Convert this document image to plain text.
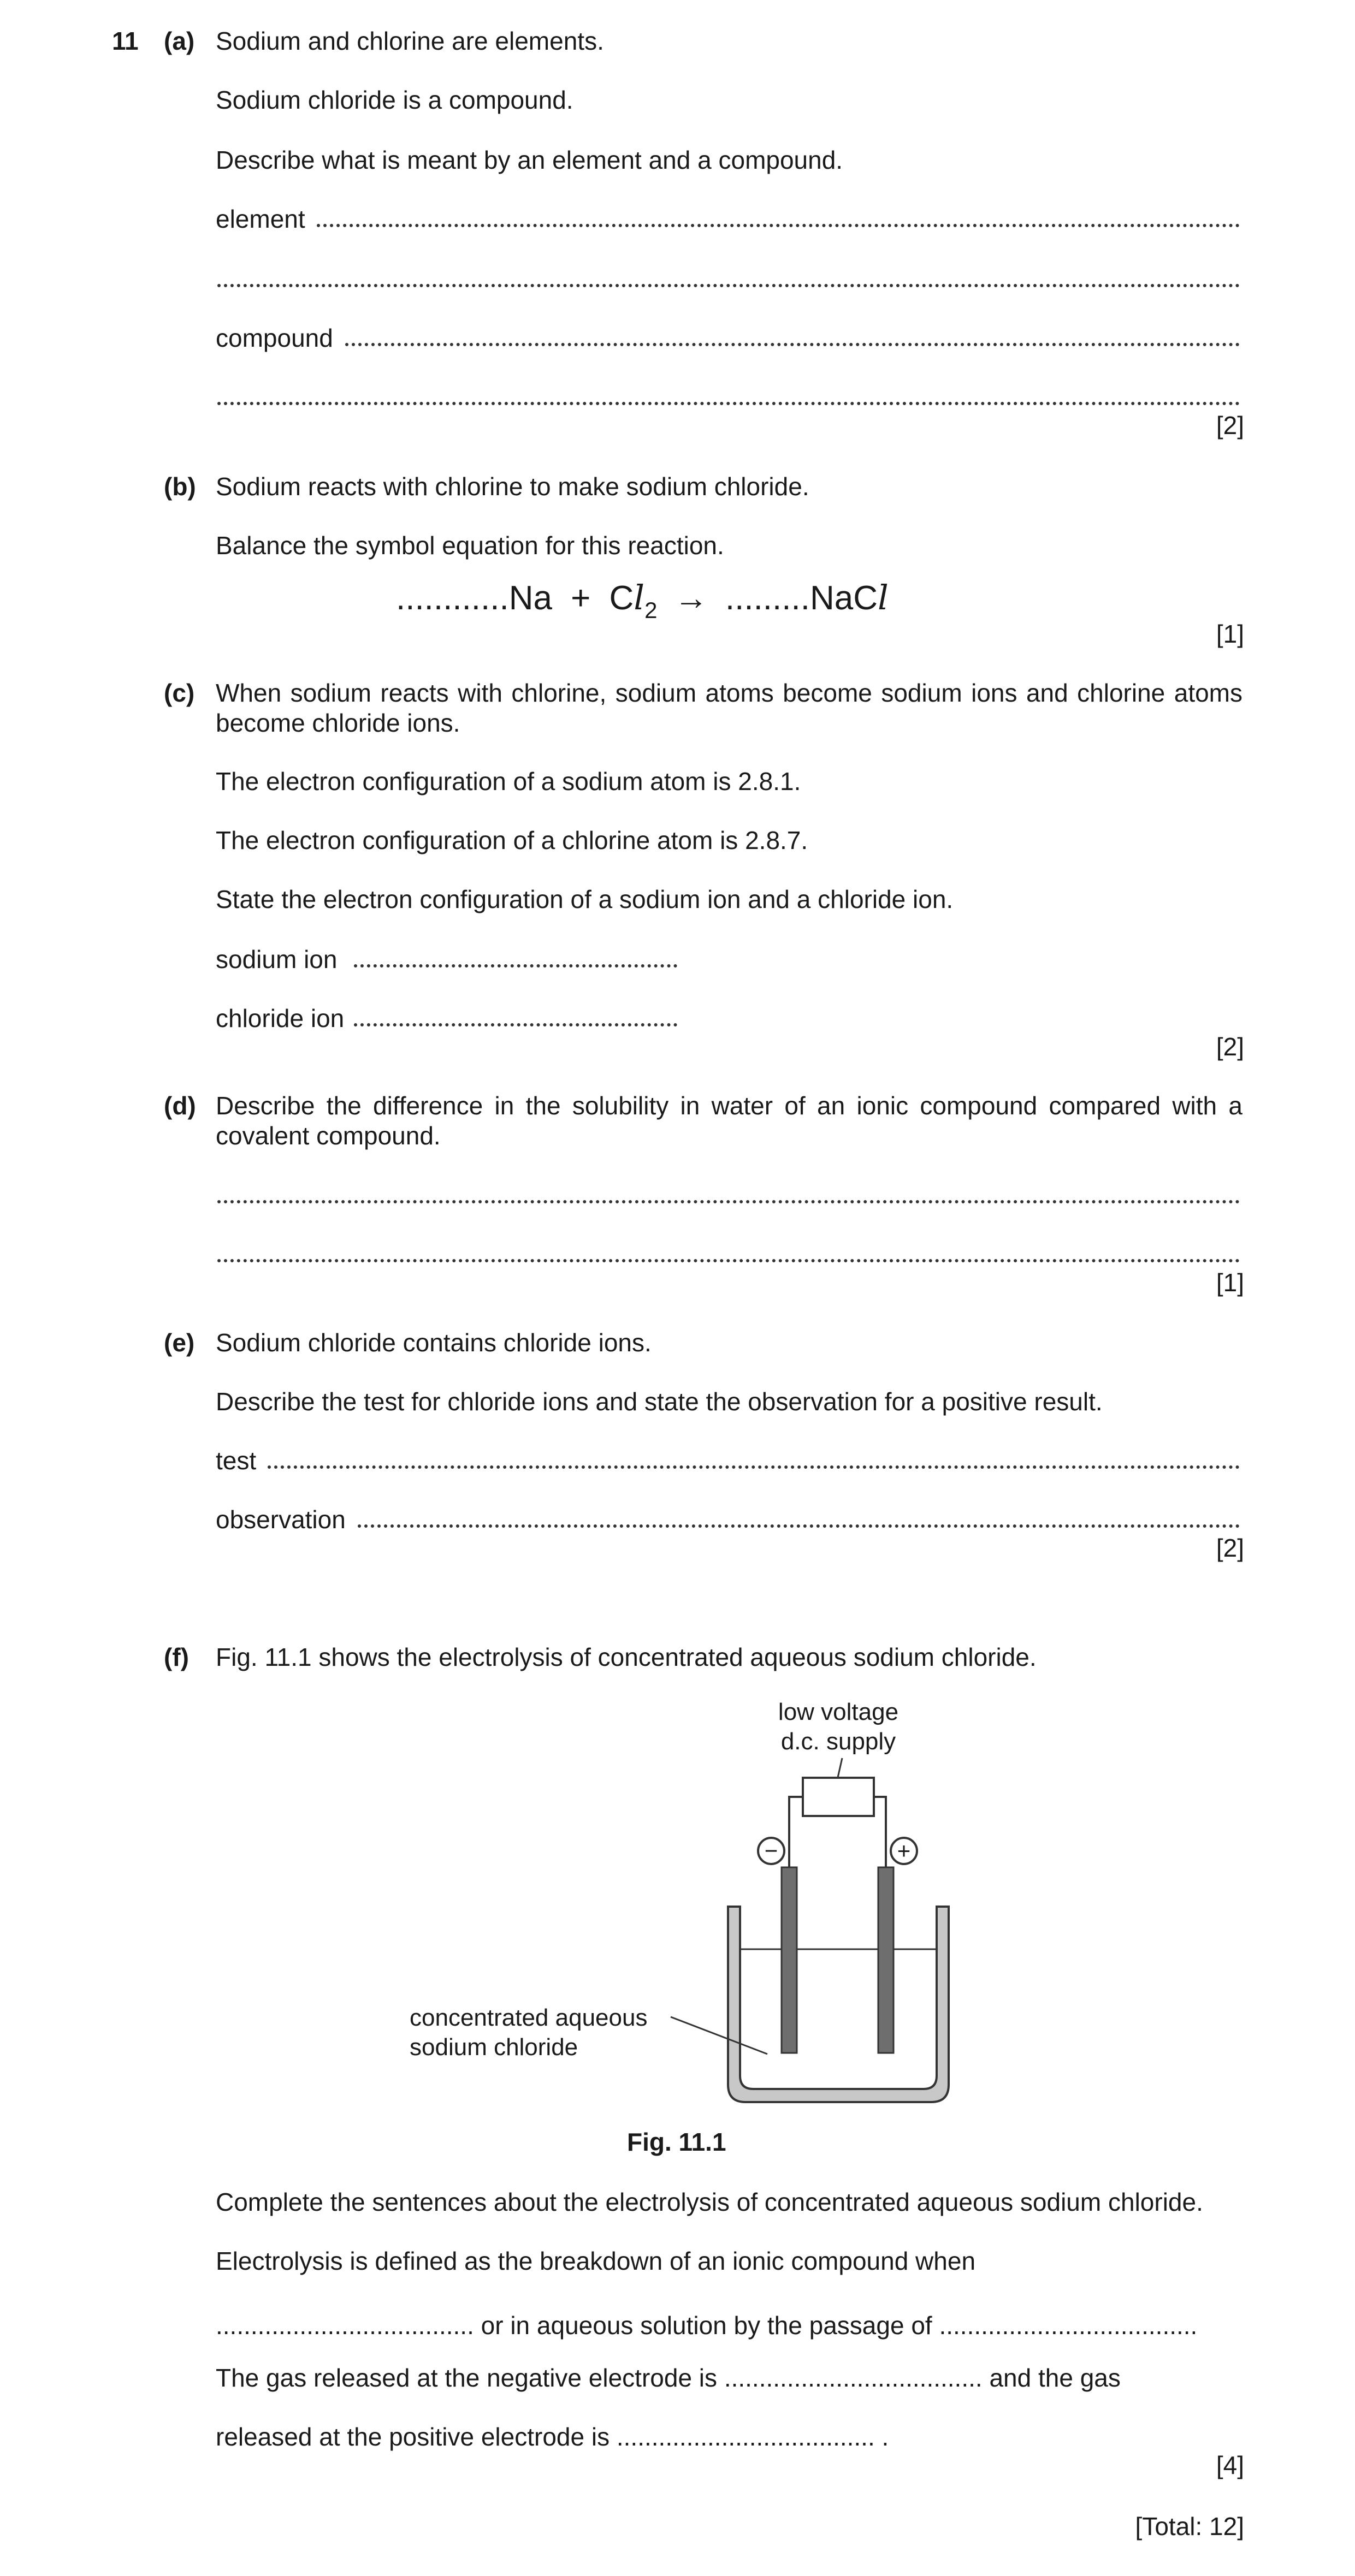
11 (a) Sodium and chlorine are elements.
Sodium chloride is a compound.
Describe what is meant by an element and a compound.
element
compound
[2]
(b) Sodium reacts with chlorine to make sodium chloride.
Balance the symbol equation for this reaction.
$............Na + Cl_2$ → .........NaCl
[1]
(c) When sodium reacts with chlorine, sodium atoms become sodium ions and chlorine atoms become chloride ions.
The electron configuration of a sodium atom is 2.8.1.
The electron configuration of a chlorine atom is 2.8.7.
State the electron configuration of a sodium ion and a chloride ion.
sodium ion
chloride ion
[2]
(d) Describe the difference in the solubility in water of an ionic compound compared with a covalent compound.
[1]
(e) Sodium chloride contains chloride ions.
Describe the test for chloride ions and state the observation for a positive result.
test
observation
[2]
(f) Fig. 11.1 shows the electrolysis of concentrated aqueous sodium chloride.
low voltage
d.c. supply
−	+
concentrated aqueous
sodium chloride
Fig. 11.1
Complete the sentences about the electrolysis of concentrated aqueous sodium chloride.
Electrolysis is defined as the breakdown of an ionic compound when
..................................... or in aqueous solution by the passage of .....................................
The gas released at the negative electrode is ..................................... and the gas
released at the positive electrode is ..................................... .
[4]
[Total: 12]
